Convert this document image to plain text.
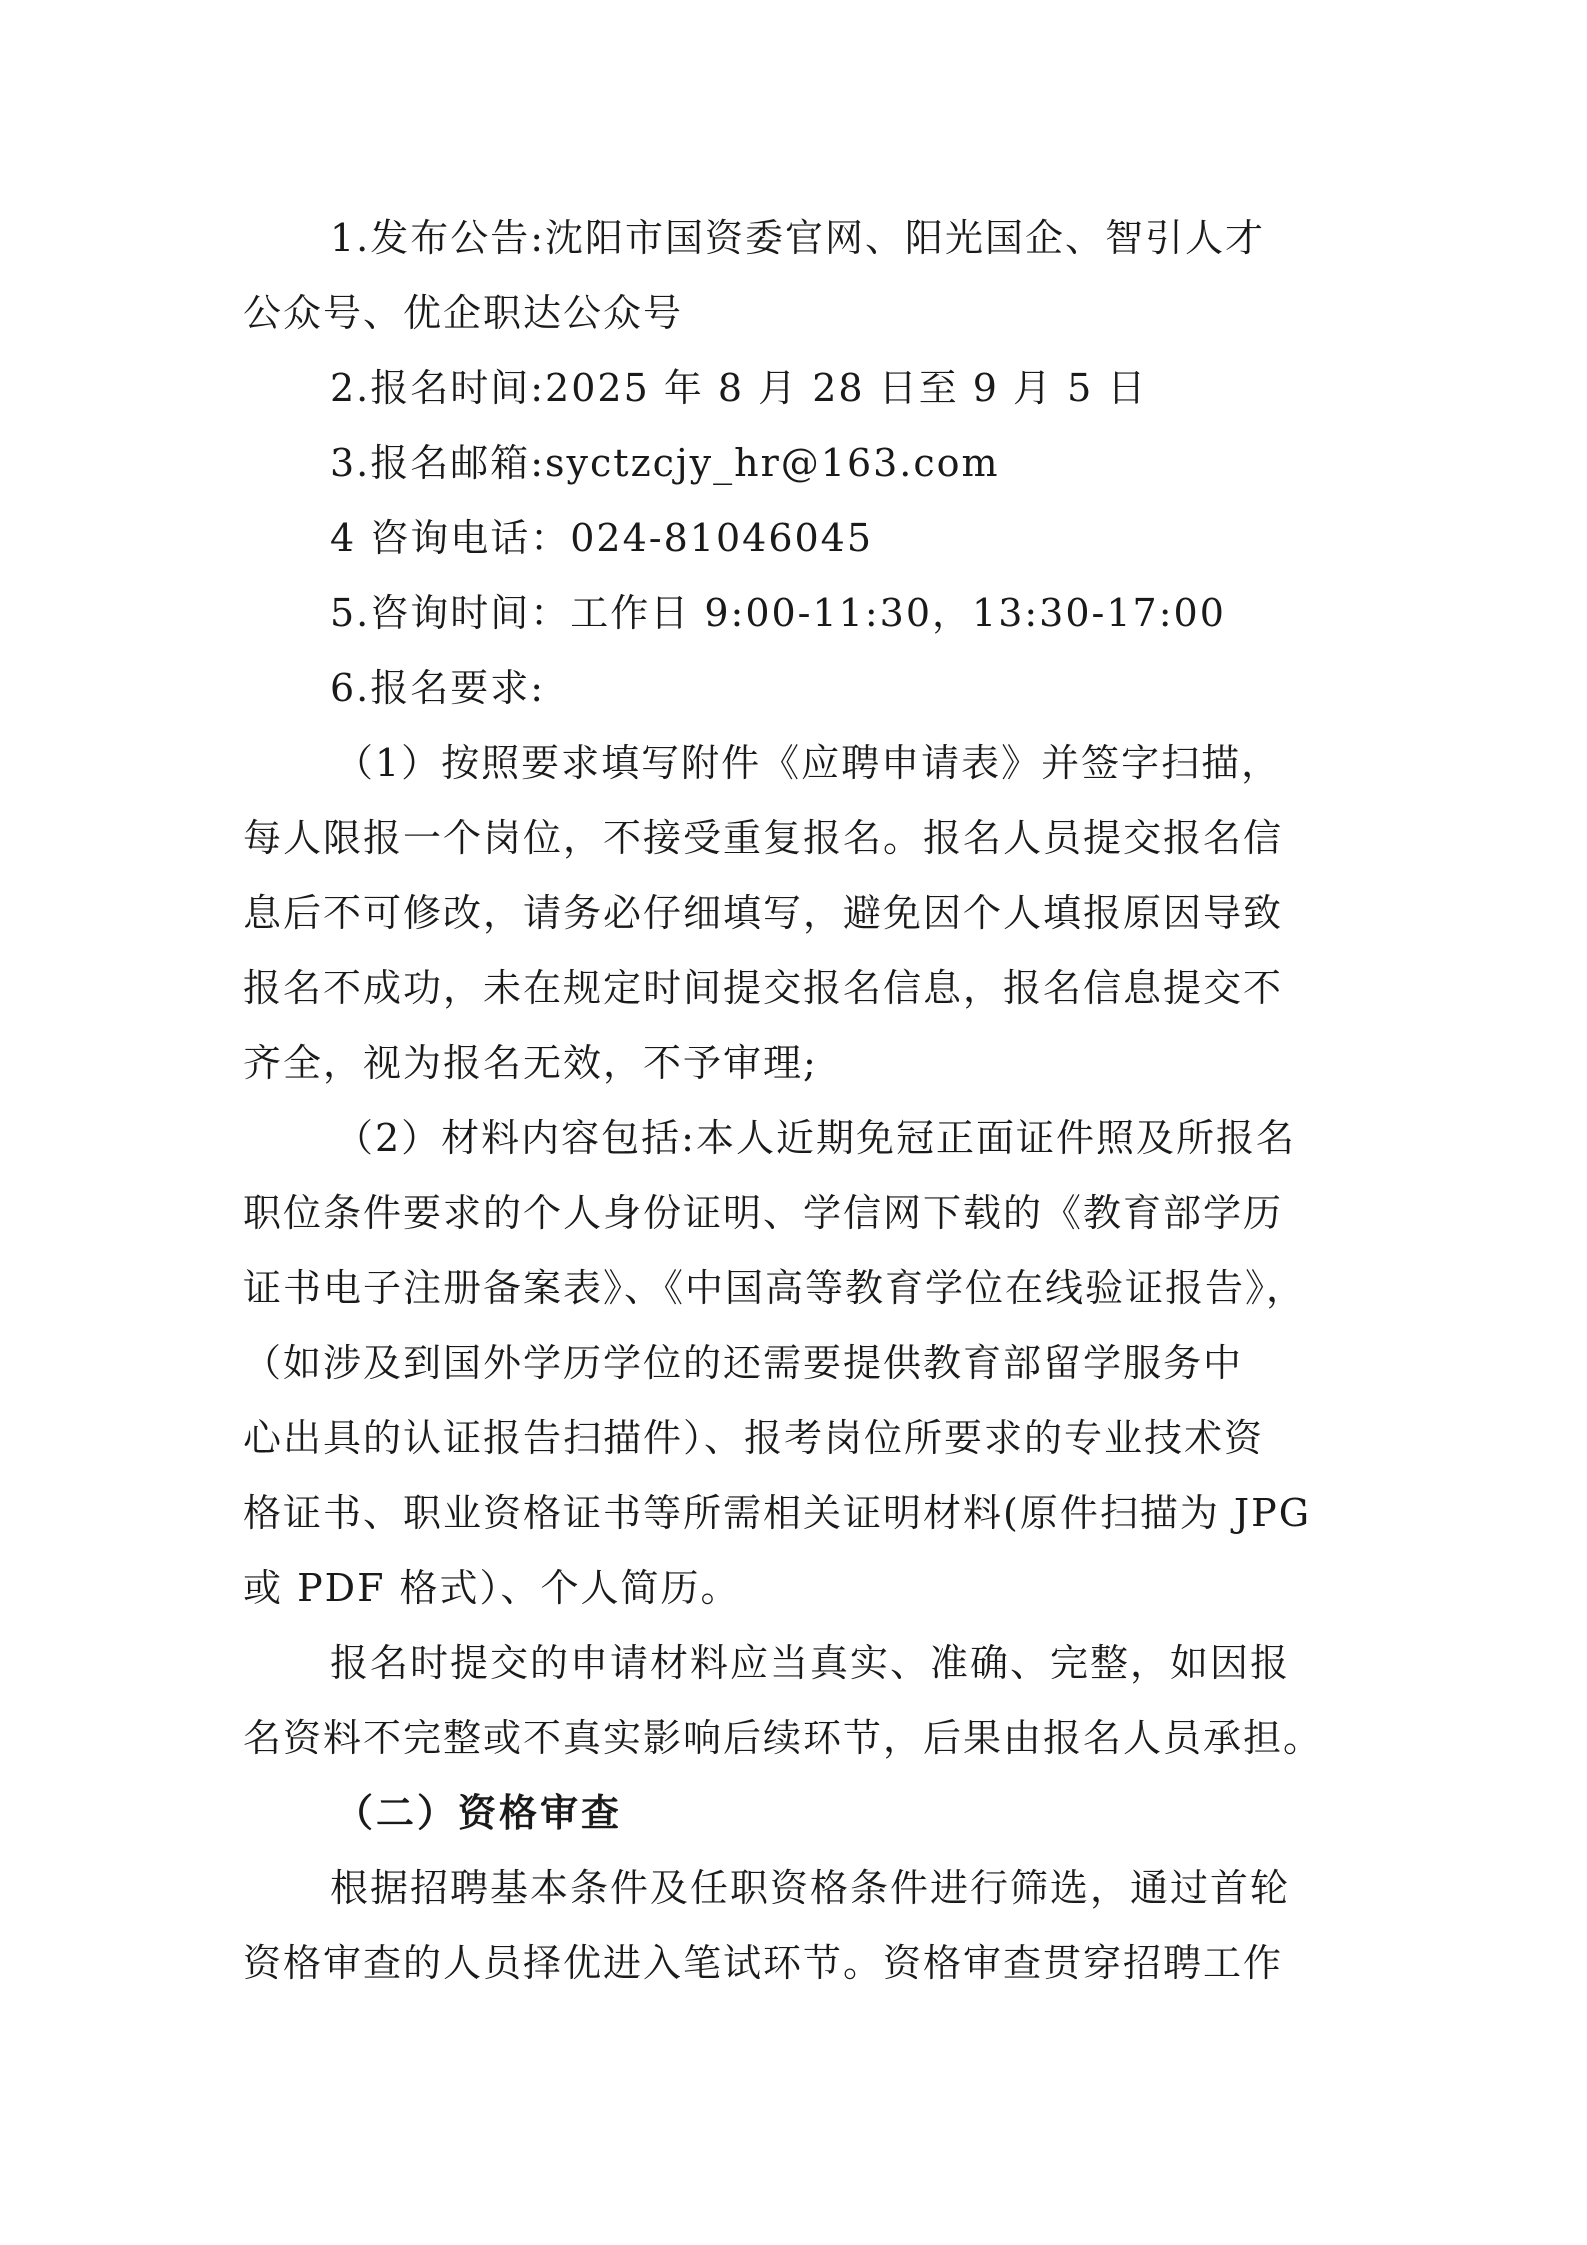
1.发布公告:沈阳市国资委官网、阳光国企、智引人才
公众号、优企职达公众号
2.报名时间:2025 年 8 月 28 日至 9 月 5 日
3.报名邮箱:syctzcjy_hr@163.com
4 咨询电话：024-81046045
5.咨询时间：工作日 9:00-11:30，13:30-17:00
6.报名要求:
（1）按照要求填写附件《应聘申请表》并签字扫描，
每人限报一个岗位，不接受重复报名。报名人员提交报名信
息后不可修改，请务必仔细填写，避免因个人填报原因导致
报名不成功，未在规定时间提交报名信息，报名信息提交不
齐全，视为报名无效，不予审理;
（2）材料内容包括:本人近期免冠正面证件照及所报名
职位条件要求的个人身份证明、学信网下载的《教育部学历
证书电子注册备案表》、《中国高等教育学位在线验证报告》，
（如涉及到国外学历学位的还需要提供教育部留学服务中
心出具的认证报告扫描件）、报考岗位所要求的专业技术资
格证书、职业资格证书等所需相关证明材料(原件扫描为 JPG
或 PDF 格式）、个人简历。
报名时提交的申请材料应当真实、准确、完整，如因报
名资料不完整或不真实影响后续环节，后果由报名人员承担。
（二）资格审查
根据招聘基本条件及任职资格条件进行筛选，通过首轮
资格审查的人员择优进入笔试环节。资格审查贯穿招聘工作
